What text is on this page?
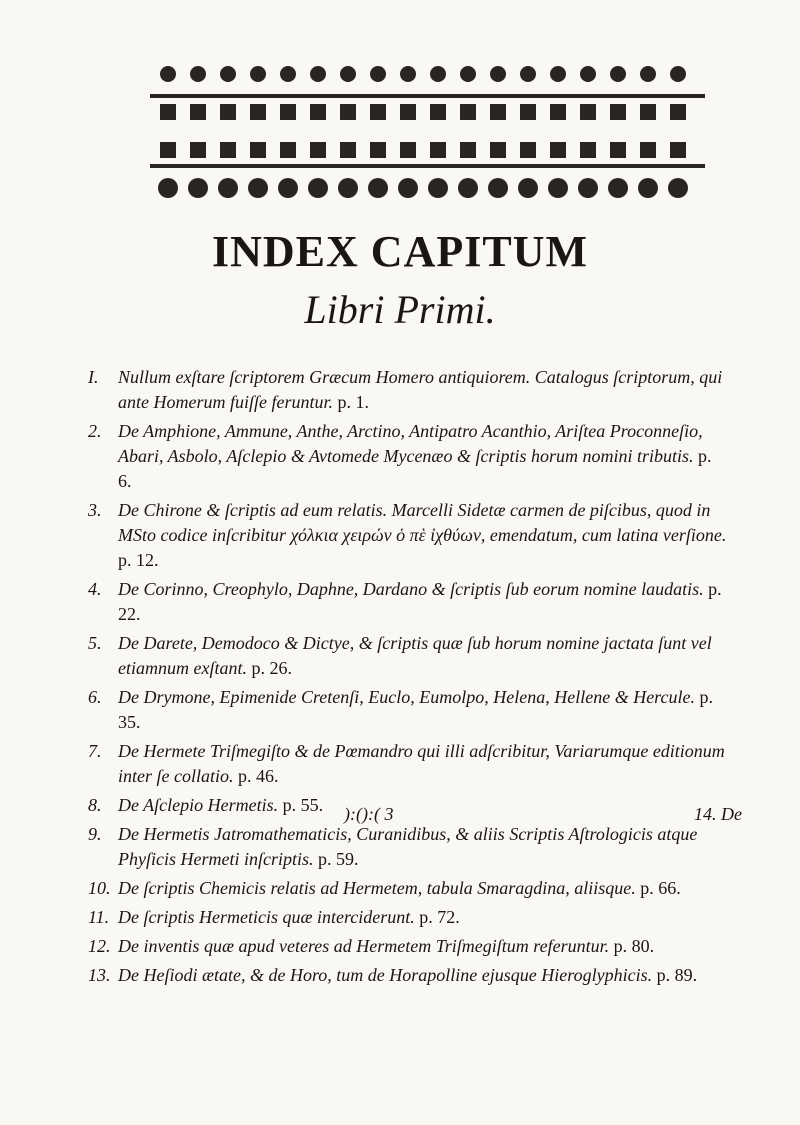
INDEX CAPITUM
Libri Primi.
I. Nullum exſtare ſcriptorem Græcum Homero antiquiorem. Catalogus ſcriptorum, qui ante Homerum fuiſſe feruntur. p. 1.
2. De Amphione, Ammune, Anthe, Arctino, Antipatro Acanthio, Ariſtea Proconneſio, Abari, Asbolo, Aſclepio & Avtomede Mycenæo & ſcriptis horum nomini tributis. p. 6.
3. De Chirone & ſcriptis ad eum relatis. Marcelli Sidetæ carmen de piſcibus, quod in MSto codice inſcribitur χόλκια χειρών ὁ πὲ ἰχθύων, emendatum, cum latina verſione. p. 12.
4. De Corinno, Creophylo, Daphne, Dardano & ſcriptis ſub eorum nomine laudatis. p. 22.
5. De Darete, Demodoco & Dictye, & ſcriptis quæ ſub horum nomine jactata ſunt vel etiamnum exſtant. p. 26.
6. De Drymone, Epimenide Cretenſi, Euclo, Eumolpo, Helena, Hellene & Hercule. p. 35.
7. De Hermete Triſmegiſto & de Pœmandro qui illi adſcribitur, Variarumque editionum inter ſe collatio. p. 46.
8. De Aſclepio Hermetis. p. 55.
9. De Hermetis Jatromathematicis, Curanidibus, & aliis Scriptis Aſtrologicis atque Phyſicis Hermeti inſcriptis. p. 59.
10. De ſcriptis Chemicis relatis ad Hermetem, tabula Smaragdina, aliisque. p. 66.
11. De ſcriptis Hermeticis quæ interciderunt. p. 72.
12. De inventis quæ apud veteres ad Hermetem Triſmegiſtum referuntur. p. 80.
13. De Heſiodi ætate, & de Horo, tum de Horapolline ejusque Hieroglyphicis. p. 89.
):():( 3	14. De
